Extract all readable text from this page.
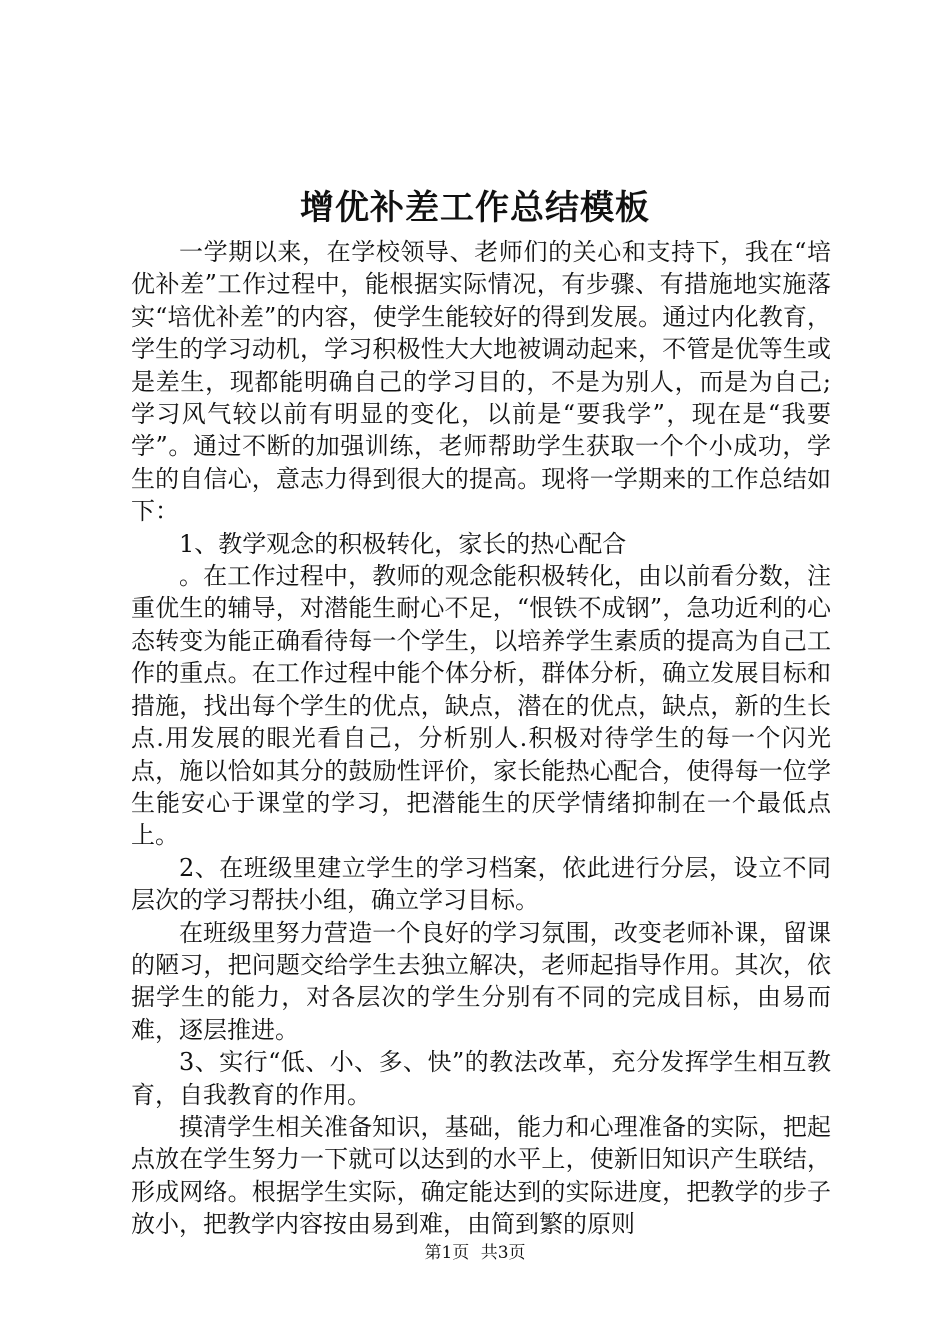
增优补差工作总结模板

一学期以来，在学校领导、老师们的关心和支持下，我在“培优补差”工作过程中，能根据实际情况，有步骤、有措施地实施落实“培优补差”的内容，使学生能较好的得到发展。通过内化教育，学生的学习动机，学习积极性大大地被调动起来，不管是优等生或是差生，现都能明确自己的学习目的，不是为别人，而是为自己;学习风气较以前有明显的变化，以前是“要我学”，现在是“我要学”。通过不断的加强训练，老师帮助学生获取一个个小成功，学生的自信心，意志力得到很大的提高。现将一学期来的工作总结如下：

1、教学观念的积极转化，家长的热心配合

。在工作过程中，教师的观念能积极转化，由以前看分数，注重优生的辅导，对潜能生耐心不足，“恨铁不成钢”，急功近利的心态转变为能正确看待每一个学生，以培养学生素质的提高为自己工作的重点。在工作过程中能个体分析，群体分析，确立发展目标和措施，找出每个学生的优点，缺点，潜在的优点，缺点，新的生长点.用发展的眼光看自己，分析别人.积极对待学生的每一个闪光点，施以恰如其分的鼓励性评价，家长能热心配合，使得每一位学生能安心于课堂的学习，把潜能生的厌学情绪抑制在一个最低点上。

2、在班级里建立学生的学习档案，依此进行分层，设立不同层次的学习帮扶小组，确立学习目标。

在班级里努力营造一个良好的学习氛围，改变老师补课，留课的陋习，把问题交给学生去独立解决，老师起指导作用。其次，依据学生的能力，对各层次的学生分别有不同的完成目标，由易而难，逐层推进。

3、实行“低、小、多、快”的教法改革，充分发挥学生相互教育，自我教育的作用。

摸清学生相关准备知识，基础，能力和心理准备的实际，把起点放在学生努力一下就可以达到的水平上，使新旧知识产生联结，形成网络。根据学生实际，确定能达到的实际进度，把教学的步子放小，把教学内容按由易到难，由简到繁的原则

第1页 共3页
